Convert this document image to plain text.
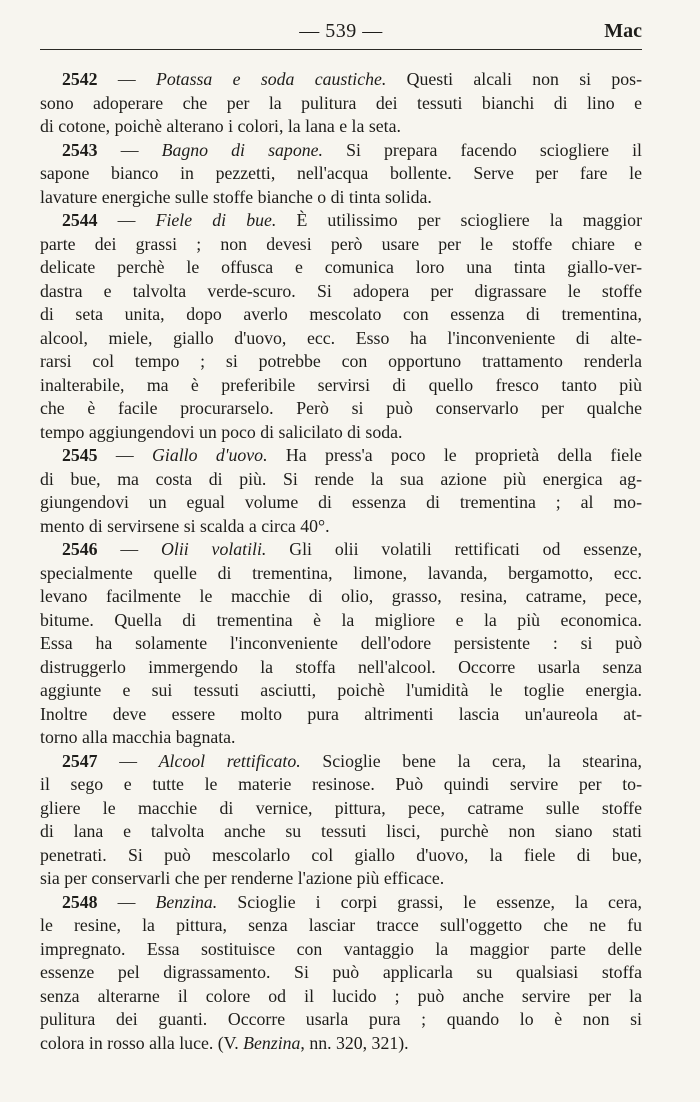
— 539 —	Mac
2542 — Potassa e soda caustiche. Questi alcali non si pos-
sono adoperare che per la pulitura dei tessuti bianchi di lino e
di cotone, poichè alterano i colori, la lana e la seta.
2543 — Bagno di sapone. Si prepara facendo sciogliere il
sapone bianco in pezzetti, nell'acqua bollente. Serve per fare le
lavature energiche sulle stoffe bianche o di tinta solida.
2544 — Fiele di bue. È utilissimo per sciogliere la maggior
parte dei grassi ; non devesi però usare per le stoffe chiare e
delicate perchè le offusca e comunica loro una tinta giallo-ver-
dastra e talvolta verde-scuro. Si adopera per digrassare le stoffe
di seta unita, dopo averlo mescolato con essenza di trementina,
alcool, miele, giallo d'uovo, ecc. Esso ha l'inconveniente di alte-
rarsi col tempo ; si potrebbe con opportuno trattamento renderla
inalterabile, ma è preferibile servirsi di quello fresco tanto più
che è facile procurarselo. Però si può conservarlo per qualche
tempo aggiungendovi un poco di salicilato di soda.
2545 — Giallo d'uovo. Ha press'a poco le proprietà della fiele
di bue, ma costa di più. Si rende la sua azione più energica ag-
giungendovi un egual volume di essenza di trementina ; al mo-
mento di servirsene si scalda a circa 40°.
2546 — Olii volatili. Gli olii volatili rettificati od essenze,
specialmente quelle di trementina, limone, lavanda, bergamotto, ecc.
levano facilmente le macchie di olio, grasso, resina, catrame, pece,
bitume. Quella di trementina è la migliore e la più economica.
Essa ha solamente l'inconveniente dell'odore persistente : si può
distruggerlo immergendo la stoffa nell'alcool. Occorre usarla senza
aggiunte e sui tessuti asciutti, poichè l'umidità le toglie energia.
Inoltre deve essere molto pura altrimenti lascia un'aureola at-
torno alla macchia bagnata.
2547 — Alcool rettificato. Scioglie bene la cera, la stearina,
il sego e tutte le materie resinose. Può quindi servire per to-
gliere le macchie di vernice, pittura, pece, catrame sulle stoffe
di lana e talvolta anche su tessuti lisci, purchè non siano stati
penetrati. Si può mescolarlo col giallo d'uovo, la fiele di bue,
sia per conservarli che per renderne l'azione più efficace.
2548 — Benzina. Scioglie i corpi grassi, le essenze, la cera,
le resine, la pittura, senza lasciar tracce sull'oggetto che ne fu
impregnato. Essa sostituisce con vantaggio la maggior parte delle
essenze pel digrassamento. Si può applicarla su qualsiasi stoffa
senza alterarne il colore od il lucido ; può anche servire per la
pulitura dei guanti. Occorre usarla pura ; quando lo è non si
colora in rosso alla luce. (V. Benzina, nn. 320, 321).
